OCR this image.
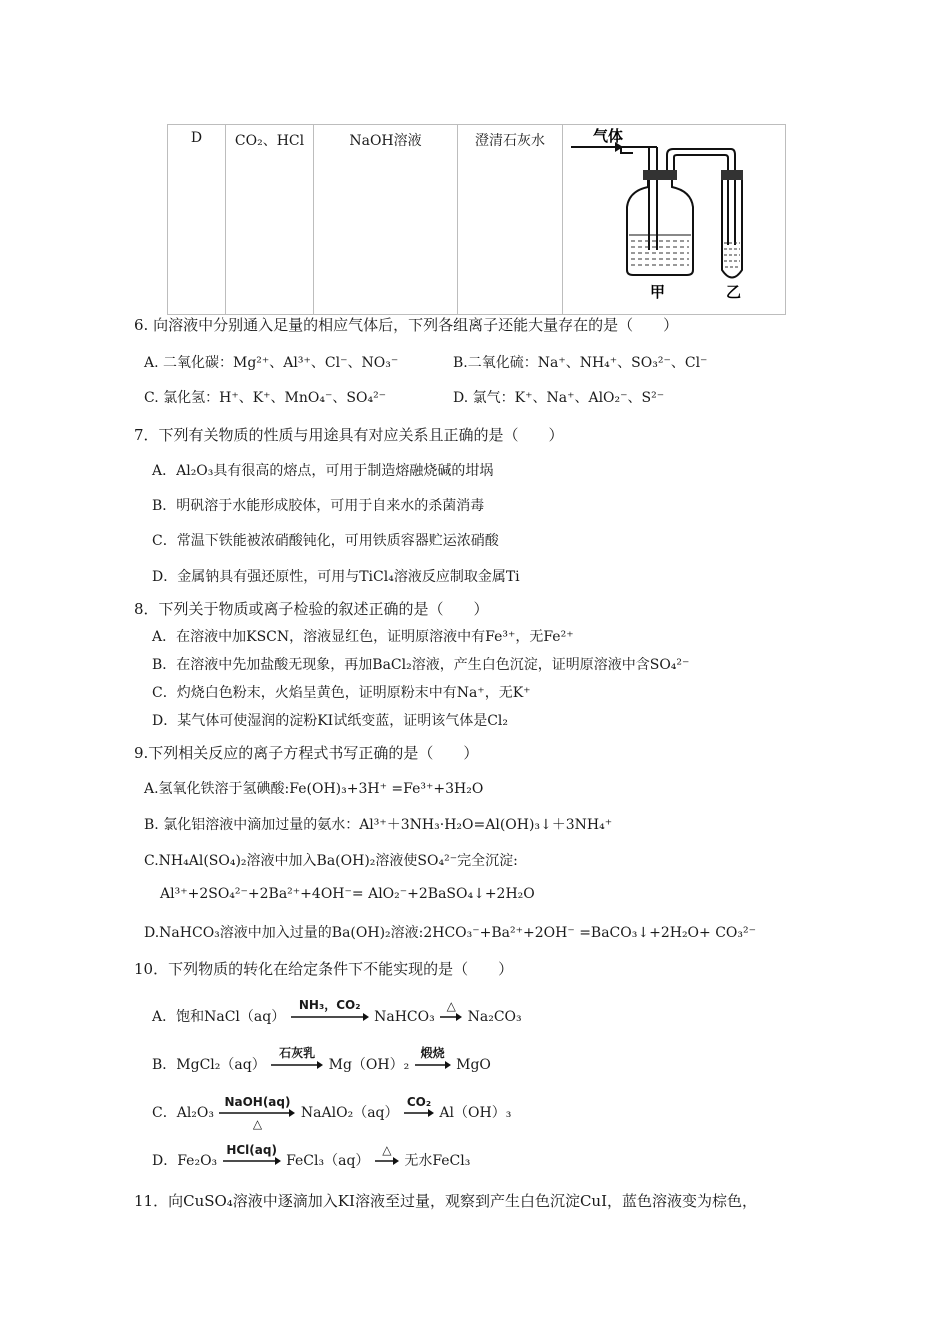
D	CO₂、HCl	NaOH溶液	澄清石灰水	气体
甲	乙
6. 向溶液中分别通入足量的相应气体后，下列各组离子还能大量存在的是（　　）
A. 二氧化碳：Mg²⁺、Al³⁺、Cl⁻、NO₃⁻	B.二氧化硫：Na⁺、NH₄⁺、SO₃²⁻、Cl⁻
C. 氯化氢：H⁺、K⁺、MnO₄⁻、SO₄²⁻	D. 氯气：K⁺、Na⁺、AlO₂⁻、S²⁻
7．下列有关物质的性质与用途具有对应关系且正确的是（　　）
A．Al₂O₃具有很高的熔点，可用于制造熔融烧碱的坩埚
B．明矾溶于水能形成胶体，可用于自来水的杀菌消毒
C．常温下铁能被浓硝酸钝化，可用铁质容器贮运浓硝酸
D．金属钠具有强还原性，可用与TiCl₄溶液反应制取金属Ti
8．下列关于物质或离子检验的叙述正确的是（　　）
A．在溶液中加KSCN，溶液显红色，证明原溶液中有Fe³⁺，无Fe²⁺
B．在溶液中先加盐酸无现象，再加BaCl₂溶液，产生白色沉淀，证明原溶液中含SO₄²⁻
C．灼烧白色粉末，火焰呈黄色，证明原粉末中有Na⁺，无K⁺
D．某气体可使湿润的淀粉KI试纸变蓝，证明该气体是Cl₂
9.下列相关反应的离子方程式书写正确的是（　　）
A.氢氧化铁溶于氢碘酸:Fe(OH)₃+3H⁺ =Fe³⁺+3H₂O
B. 氯化铝溶液中滴加过量的氨水：Al³⁺＋3NH₃·H₂O=Al(OH)₃↓＋3NH₄⁺
C.NH₄Al(SO₄)₂溶液中加入Ba(OH)₂溶液使SO₄²⁻完全沉淀:
Al³⁺+2SO₄²⁻+2Ba²⁺+4OH⁻= AlO₂⁻+2BaSO₄↓+2H₂O
D.NaHCO₃溶液中加入过量的Ba(OH)₂溶液:2HCO₃⁻+Ba²⁺+2OH⁻ =BaCO₃↓+2H₂O+ CO₃²⁻
10．下列物质的转化在给定条件下不能实现的是（　　）
A．饱和NaCl（aq）
NH₃，CO₂
NaHCO₃
△
Na₂CO₃
B．MgCl₂（aq）
石灰乳
Mg（OH）₂
煅烧
MgO
C．Al₂O₃
NaOH(aq)
△
NaAlO₂（aq）
CO₂
Al（OH）₃
D．Fe₂O₃
HCl(aq)
FeCl₃（aq）
△
无水FeCl₃
11．向CuSO₄溶液中逐滴加入KI溶液至过量，观察到产生白色沉淀CuI，蓝色溶液变为棕色，
